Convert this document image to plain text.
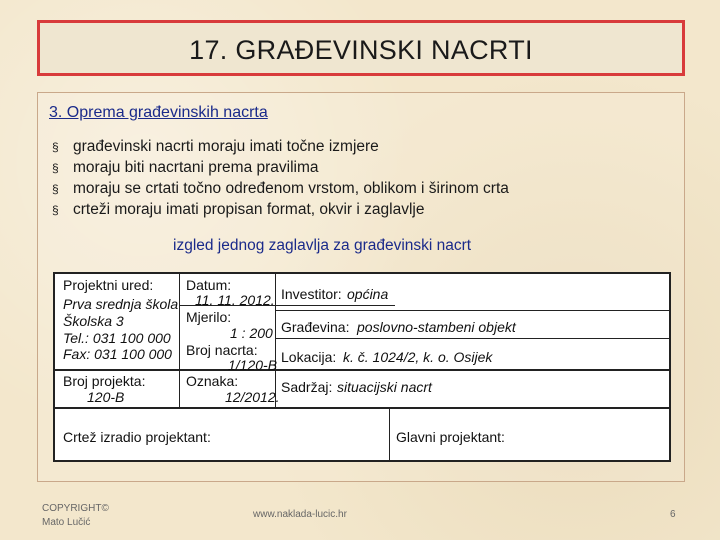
17. GRAĐEVINSKI NACRTI
3. Oprema građevinskih nacrta
§ građevinski nacrti moraju imati točne izmjere
§ moraju biti nacrtani prema pravilima
§ moraju se crtati točno određenom vrstom, oblikom i širinom crta
§ crteži moraju imati propisan format, okvir i zaglavlje
izgled jednog zaglavlja za građevinski nacrt
Projektni ured:
Prva srednja škola
Školska 3
Tel.: 031 100 000
Fax: 031 100 000
Datum:
11. 11. 2012.
Mjerilo:
1 : 200
Broj nacrta:
1/120-B
Investitor: općina
Građevina: poslovno-stambeni objekt
Lokacija: k. č. 1024/2, k. o. Osijek
Broj projekta:
120-B
Oznaka:
12/2012.
Sadržaj: situacijski nacrt
Crtež izradio projektant:	Glavni projektant:
COPYRIGHT©
Mato Lučić
www.naklada-lucic.hr	6
